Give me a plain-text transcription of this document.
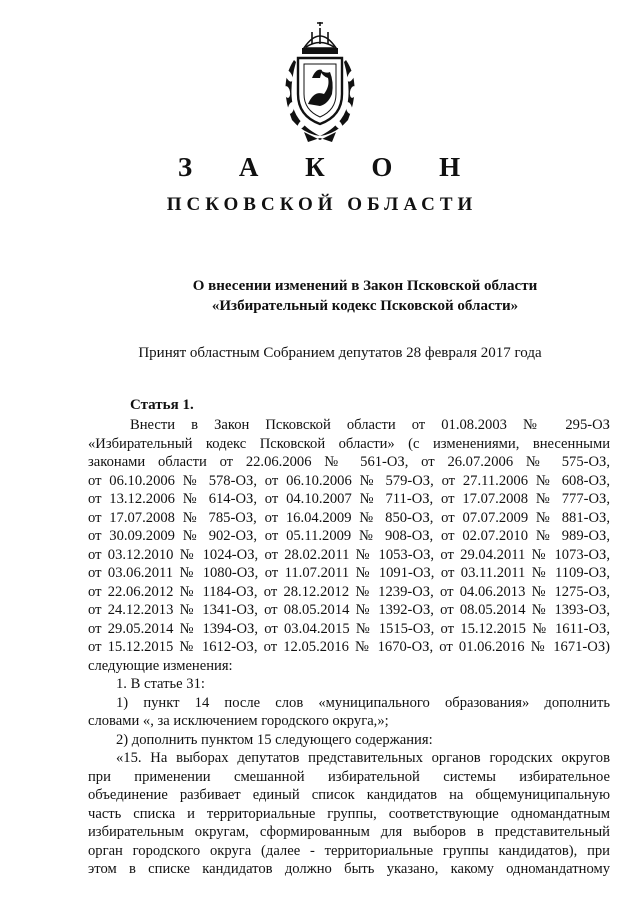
З А К О Н
ПСКОВСКОЙ ОБЛАСТИ
О внесении изменений в Закон Псковской области
«Избирательный кодекс Псковской области»
Принят областным Собранием депутатов 28 февраля 2017 года
Статья 1.

Внести в Закон Псковской области от 01.08.2003 № 295-ОЗ

«Избирательный кодекс Псковской области» (с изменениями, внесенными

законами области от 22.06.2006 № 561-ОЗ, от 26.07.2006 № 575-ОЗ,

от 06.10.2006 № 578-ОЗ, от 06.10.2006 № 579-ОЗ, от 27.11.2006 № 608-ОЗ,

от 13.12.2006 № 614-ОЗ, от 04.10.2007 № 711-ОЗ, от 17.07.2008 № 777-ОЗ,

от 17.07.2008 № 785-ОЗ, от 16.04.2009 № 850-ОЗ, от 07.07.2009 № 881-ОЗ,

от 30.09.2009 № 902-ОЗ, от 05.11.2009 № 908-ОЗ, от 02.07.2010 № 989-ОЗ,

от 03.12.2010 № 1024-ОЗ, от 28.02.2011 № 1053-ОЗ, от 29.04.2011 № 1073-ОЗ,

от 03.06.2011 № 1080-ОЗ, от 11.07.2011 № 1091-ОЗ, от 03.11.2011 № 1109-ОЗ,

от 22.06.2012 № 1184-ОЗ, от 28.12.2012 № 1239-ОЗ, от 04.06.2013 № 1275-ОЗ,

от 24.12.2013 № 1341-ОЗ, от 08.05.2014 № 1392-ОЗ, от 08.05.2014 № 1393-ОЗ,

от 29.05.2014 № 1394-ОЗ, от 03.04.2015 № 1515-ОЗ, от 15.12.2015 № 1611-ОЗ,

от 15.12.2015 № 1612-ОЗ, от 12.05.2016 № 1670-ОЗ, от 01.06.2016 № 1671-ОЗ)

следующие изменения:

1. В статье 31:

1) пункт 14 после слов «муниципального образования» дополнить

словами «, за исключением городского округа,»;

2) дополнить пунктом 15 следующего содержания:

«15. На выборах депутатов представительных органов городских округов

при применении смешанной избирательной системы избирательное

объединение разбивает единый список кандидатов на общемуниципальную

часть списка и территориальные группы, соответствующие одномандатным

избирательным округам, сформированным для выборов в представительный

орган городского округа (далее - территориальные группы кандидатов), при

этом в списке кандидатов должно быть указано, какому одномандатному
